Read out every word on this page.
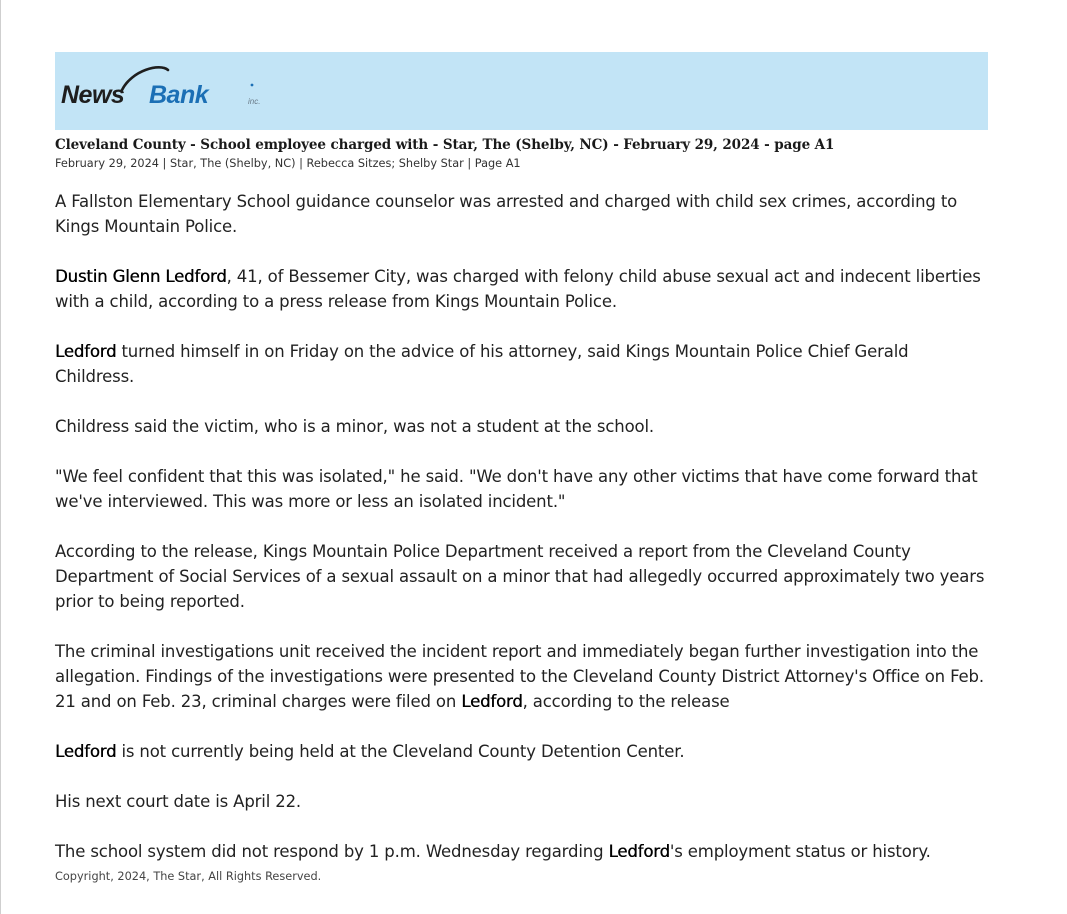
News Bank	inc.
Cleveland County - School employee charged with - Star, The (Shelby, NC) - February 29, 2024 - page A1
February 29, 2024 | Star, The (Shelby, NC) | Rebecca Sitzes; Shelby Star | Page A1

A Fallston Elementary School guidance counselor was arrested and charged with child sex crimes, according to Kings Mountain Police.

Dustin Glenn Ledford, 41, of Bessemer City, was charged with felony child abuse sexual act and indecent liberties with a child, according to a press release from Kings Mountain Police.

Ledford turned himself in on Friday on the advice of his attorney, said Kings Mountain Police Chief Gerald Childress.

Childress said the victim, who is a minor, was not a student at the school.

"We feel confident that this was isolated," he said. "We don't have any other victims that have come forward that we've interviewed. This was more or less an isolated incident."

According to the release, Kings Mountain Police Department received a report from the Cleveland County Department of Social Services of a sexual assault on a minor that had allegedly occurred approximately two years prior to being reported.

The criminal investigations unit received the incident report and immediately began further investigation into the allegation. Findings of the investigations were presented to the Cleveland County District Attorney's Office on Feb. 21 and on Feb. 23, criminal charges were filed on Ledford, according to the release

Ledford is not currently being held at the Cleveland County Detention Center.

His next court date is April 22.

The school system did not respond by 1 p.m. Wednesday regarding Ledford's employment status or history.

Copyright, 2024, The Star, All Rights Reserved.
